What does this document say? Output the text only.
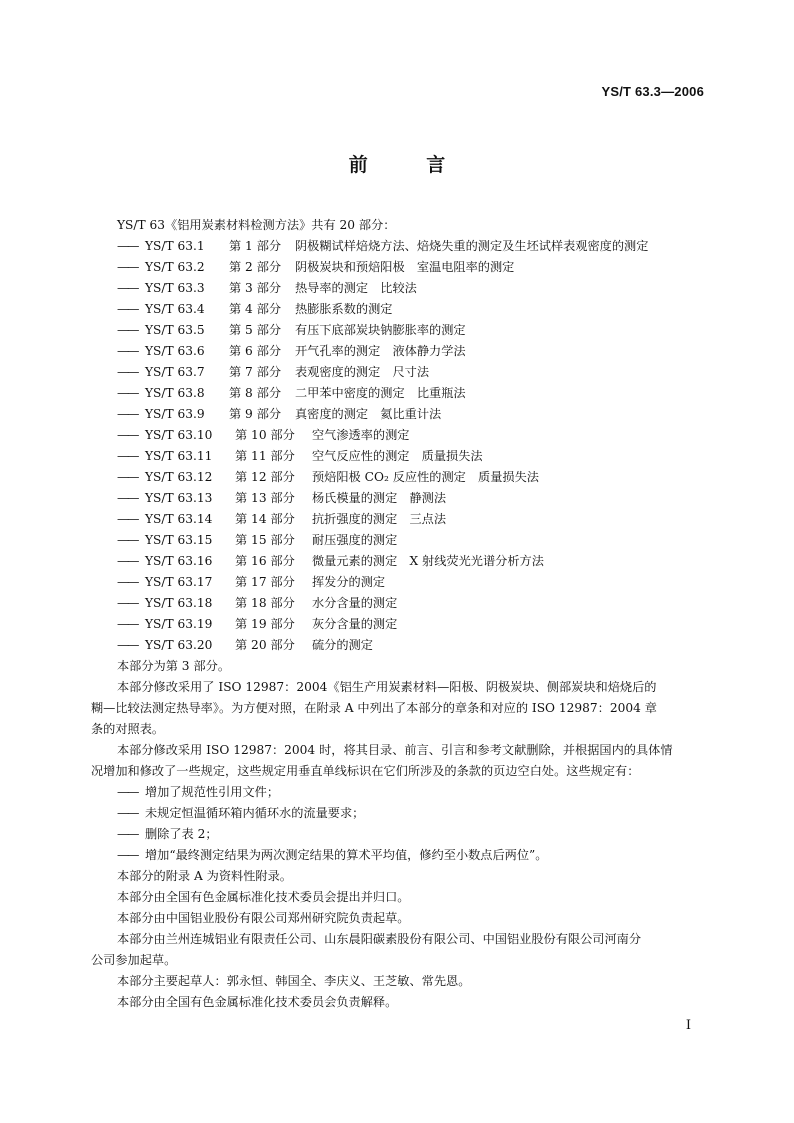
YS/T 63.3—2006
前 言
YS/T 63《铝用炭素材料检测方法》共有 20 部分：
—— YS/T 63.1 第 1 部分 阴极糊试样焙烧方法、焙烧失重的测定及生坯试样表观密度的测定
—— YS/T 63.2 第 2 部分 阴极炭块和预焙阳极　室温电阻率的测定
—— YS/T 63.3 第 3 部分 热导率的测定　比较法
—— YS/T 63.4 第 4 部分 热膨胀系数的测定
—— YS/T 63.5 第 5 部分 有压下底部炭块钠膨胀率的测定
—— YS/T 63.6 第 6 部分 开气孔率的测定　液体静力学法
—— YS/T 63.7 第 7 部分 表观密度的测定　尺寸法
—— YS/T 63.8 第 8 部分 二甲苯中密度的测定　比重瓶法
—— YS/T 63.9 第 9 部分 真密度的测定　氦比重计法
—— YS/T 63.10 第 10 部分 空气渗透率的测定
—— YS/T 63.11 第 11 部分 空气反应性的测定　质量损失法
—— YS/T 63.12 第 12 部分 预焙阳极 CO₂ 反应性的测定　质量损失法
—— YS/T 63.13 第 13 部分 杨氏模量的测定　静测法
—— YS/T 63.14 第 14 部分 抗折强度的测定　三点法
—— YS/T 63.15 第 15 部分 耐压强度的测定
—— YS/T 63.16 第 16 部分 微量元素的测定　X 射线荧光光谱分析方法
—— YS/T 63.17 第 17 部分 挥发分的测定
—— YS/T 63.18 第 18 部分 水分含量的测定
—— YS/T 63.19 第 19 部分 灰分含量的测定
—— YS/T 63.20 第 20 部分 硫分的测定
本部分为第 3 部分。
本部分修改采用了 ISO 12987：2004《铝生产用炭素材料—阳极、阴极炭块、侧部炭块和焙烧后的
糊—比较法测定热导率》。为方便对照，在附录 A 中列出了本部分的章条和对应的 ISO 12987：2004 章
条的对照表。
本部分修改采用 ISO 12987：2004 时，将其目录、前言、引言和参考文献删除，并根据国内的具体情
况增加和修改了一些规定，这些规定用垂直单线标识在它们所涉及的条款的页边空白处。这些规定有：
—— 增加了规范性引用文件；
—— 未规定恒温循环箱内循环水的流量要求；
—— 删除了表 2；
—— 增加“最终测定结果为两次测定结果的算术平均值，修约至小数点后两位”。
本部分的附录 A 为资料性附录。
本部分由全国有色金属标准化技术委员会提出并归口。
本部分由中国铝业股份有限公司郑州研究院负责起草。
本部分由兰州连城铝业有限责任公司、山东晨阳碳素股份有限公司、中国铝业股份有限公司河南分
公司参加起草。
本部分主要起草人：郭永恒、韩国全、李庆义、王芝敏、常先恩。
本部分由全国有色金属标准化技术委员会负责解释。
I
